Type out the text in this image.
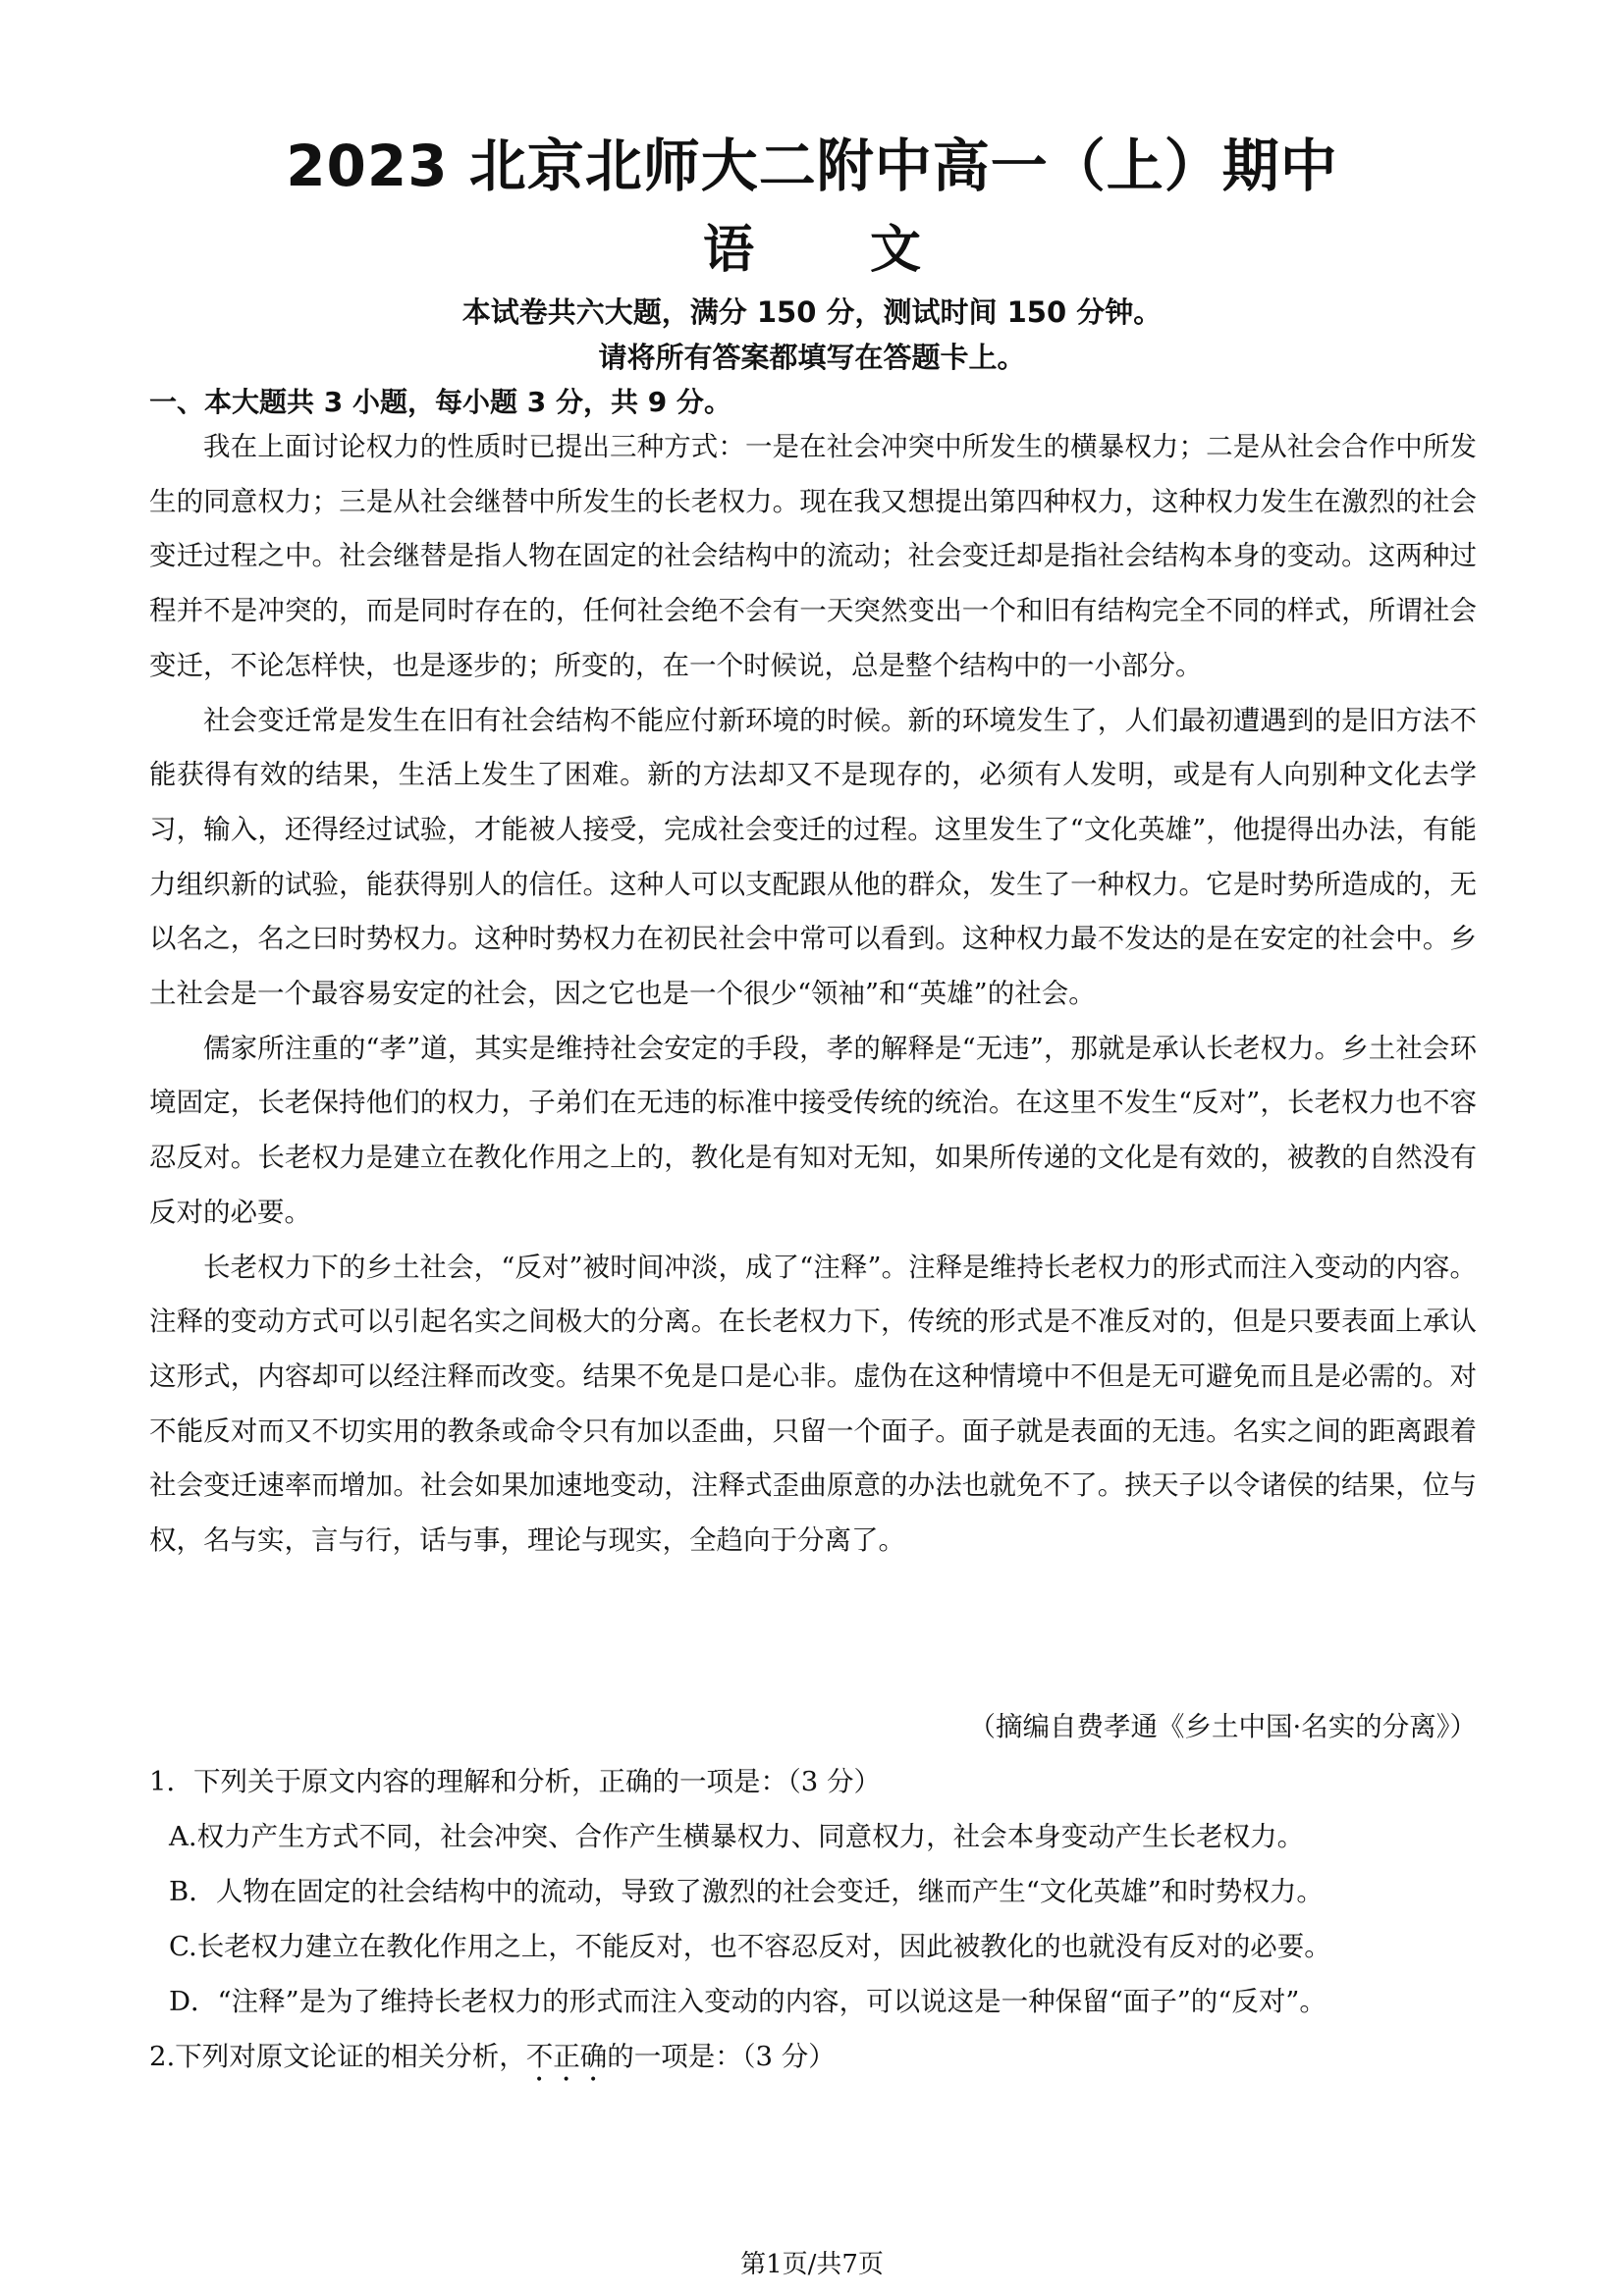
2023 北京北师大二附中高一（上）期中
语文
本试卷共六大题，满分 150 分，测试时间 150 分钟。
请将所有答案都填写在答题卡上。
一、本大题共 3 小题，每小题 3 分，共 9 分。

我在上面讨论权力的性质时已提出三种方式：一是在社会冲突中所发生的横暴权力；二是从社会合作中所发生的同意权力；三是从社会继替中所发生的长老权力。现在我又想提出第四种权力，这种权力发生在激烈的社会变迁过程之中。社会继替是指人物在固定的社会结构中的流动；社会变迁却是指社会结构本身的变动。这两种过程并不是冲突的，而是同时存在的，任何社会绝不会有一天突然变出一个和旧有结构完全不同的样式，所谓社会变迁，不论怎样快，也是逐步的；所变的，在一个时候说，总是整个结构中的一小部分。

社会变迁常是发生在旧有社会结构不能应付新环境的时候。新的环境发生了，人们最初遭遇到的是旧方法不能获得有效的结果，生活上发生了困难。新的方法却又不是现存的，必须有人发明，或是有人向别种文化去学习，输入，还得经过试验，才能被人接受，完成社会变迁的过程。这里发生了“文化英雄”，他提得出办法，有能力组织新的试验，能获得别人的信任。这种人可以支配跟从他的群众，发生了一种权力。它是时势所造成的，无以名之，名之曰时势权力。这种时势权力在初民社会中常可以看到。这种权力最不发达的是在安定的社会中。乡土社会是一个最容易安定的社会，因之它也是一个很少“领袖”和“英雄”的社会。

儒家所注重的“孝”道，其实是维持社会安定的手段，孝的解释是“无违”，那就是承认长老权力。乡土社会环境固定，长老保持他们的权力，子弟们在无违的标准中接受传统的统治。在这里不发生“反对”，长老权力也不容忍反对。长老权力是建立在教化作用之上的，教化是有知对无知，如果所传递的文化是有效的，被教的自然没有反对的必要。

长老权力下的乡土社会，“反对”被时间冲淡，成了“注释”。注释是维持长老权力的形式而注入变动的内容。注释的变动方式可以引起名实之间极大的分离。在长老权力下，传统的形式是不准反对的，但是只要表面上承认这形式，内容却可以经注释而改变。结果不免是口是心非。虚伪在这种情境中不但是无可避免而且是必需的。对不能反对而又不切实用的教条或命令只有加以歪曲，只留一个面子。面子就是表面的无违。名实之间的距离跟着社会变迁速率而增加。社会如果加速地变动，注释式歪曲原意的办法也就免不了。挟天子以令诸侯的结果，位与权，名与实，言与行，话与事，理论与现实，全趋向于分离了。

（摘编自费孝通《乡土中国·名实的分离》）
1．下列关于原文内容的理解和分析，正确的一项是：（3 分）
A.权力产生方式不同，社会冲突、合作产生横暴权力、同意权力，社会本身变动产生长老权力。
B．人物在固定的社会结构中的流动，导致了激烈的社会变迁，继而产生“文化英雄”和时势权力。
C.长老权力建立在教化作用之上，不能反对，也不容忍反对，因此被教化的也就没有反对的必要。
D．“注释”是为了维持长老权力的形式而注入变动的内容，可以说这是一种保留“面子”的“反对”。
2.下列对原文论证的相关分析，不正确的一项是：（3 分）
第1页/共7页
